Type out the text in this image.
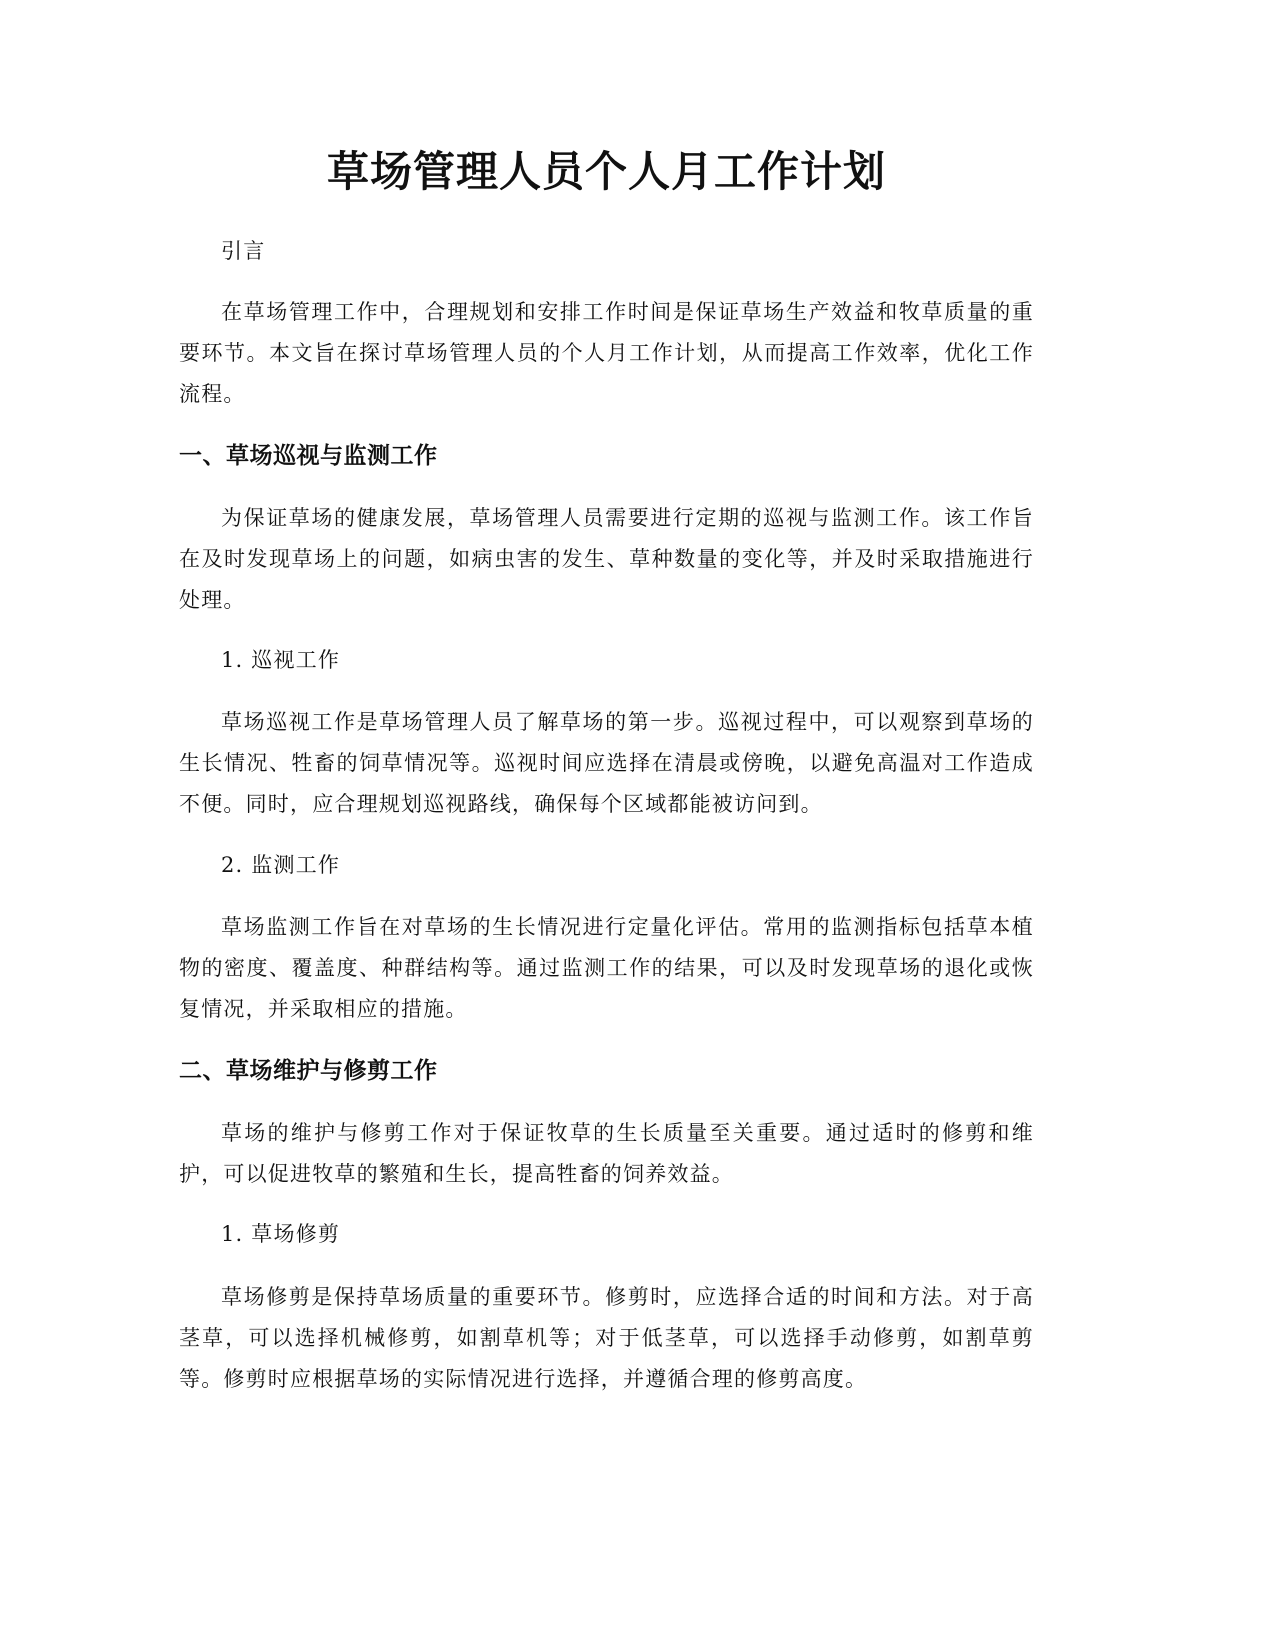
草场管理人员个人月工作计划

引言

在草场管理工作中，合理规划和安排工作时间是保证草场生产效益和牧草质量的重要环节。本文旨在探讨草场管理人员的个人月工作计划，从而提高工作效率，优化工作流程。

一、草场巡视与监测工作

为保证草场的健康发展，草场管理人员需要进行定期的巡视与监测工作。该工作旨在及时发现草场上的问题，如病虫害的发生、草种数量的变化等，并及时采取措施进行处理。

1. 巡视工作

草场巡视工作是草场管理人员了解草场的第一步。巡视过程中，可以观察到草场的生长情况、牲畜的饲草情况等。巡视时间应选择在清晨或傍晚，以避免高温对工作造成不便。同时，应合理规划巡视路线，确保每个区域都能被访问到。

2. 监测工作

草场监测工作旨在对草场的生长情况进行定量化评估。常用的监测指标包括草本植物的密度、覆盖度、种群结构等。通过监测工作的结果，可以及时发现草场的退化或恢复情况，并采取相应的措施。

二、草场维护与修剪工作

草场的维护与修剪工作对于保证牧草的生长质量至关重要。通过适时的修剪和维护，可以促进牧草的繁殖和生长，提高牲畜的饲养效益。

1. 草场修剪

草场修剪是保持草场质量的重要环节。修剪时，应选择合适的时间和方法。对于高茎草，可以选择机械修剪，如割草机等；对于低茎草，可以选择手动修剪，如割草剪等。修剪时应根据草场的实际情况进行选择，并遵循合理的修剪高度。
